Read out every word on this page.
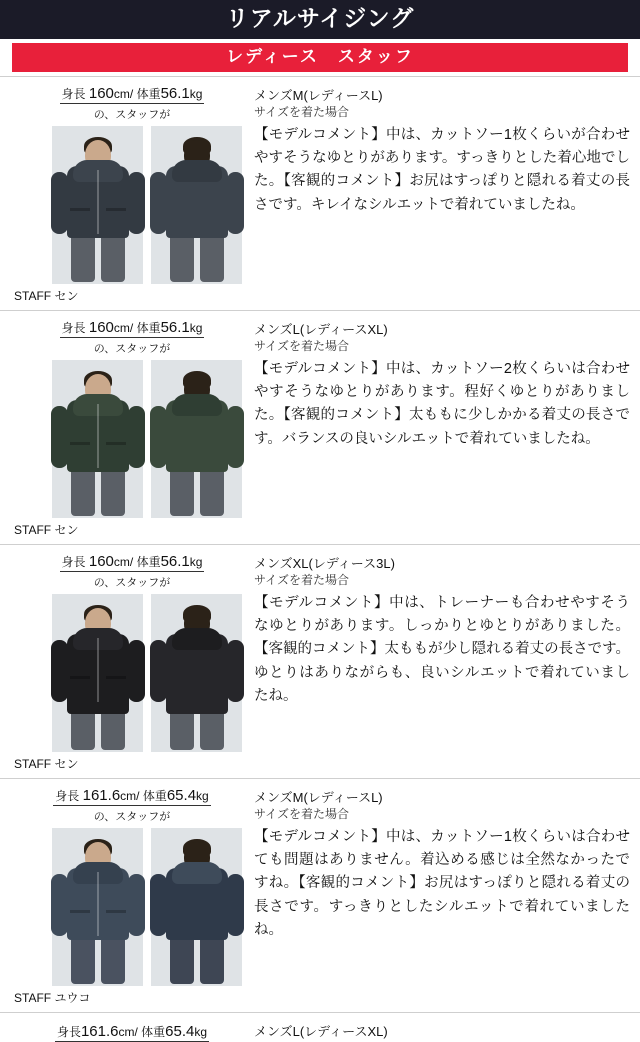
リアルサイジング
レディース　スタッフ
身長 160cm/ 体重56.1kg
の、スタッフが
STAFF セン
メンズM(レディースL)
サイズを着た場合
【モデルコメント】中は、カットソー1枚くらいが合わせやすそうなゆとりがあります。すっきりとした着心地でした。【客観的コメント】お尻はすっぽりと隠れる着丈の長さです。キレイなシルエットで着れていましたね。
身長 160cm/ 体重56.1kg
の、スタッフが
STAFF セン
メンズL(レディースXL)
サイズを着た場合
【モデルコメント】中は、カットソー2枚くらいは合わせやすそうなゆとりがあります。程好くゆとりがありました。【客観的コメント】太ももに少しかかる着丈の長さです。バランスの良いシルエットで着れていましたね。
身長 160cm/ 体重56.1kg
の、スタッフが
STAFF セン
メンズXL(レディース3L)
サイズを着た場合
【モデルコメント】中は、トレーナーも合わせやすそうなゆとりがあります。しっかりとゆとりがありました。【客観的コメント】太ももが少し隠れる着丈の長さです。ゆとりはありながらも、良いシルエットで着れていましたね。
身長 161.6cm/ 体重65.4kg
の、スタッフが
STAFF ユウコ
メンズM(レディースL)
サイズを着た場合
【モデルコメント】中は、カットソー1枚くらいは合わせても問題はありません。着込める感じは全然なかったですね。【客観的コメント】お尻はすっぽりと隠れる着丈の長さです。すっきりとしたシルエットで着れていましたね。
身長161.6cm/ 体重65.4kg	メンズL(レディースXL)
